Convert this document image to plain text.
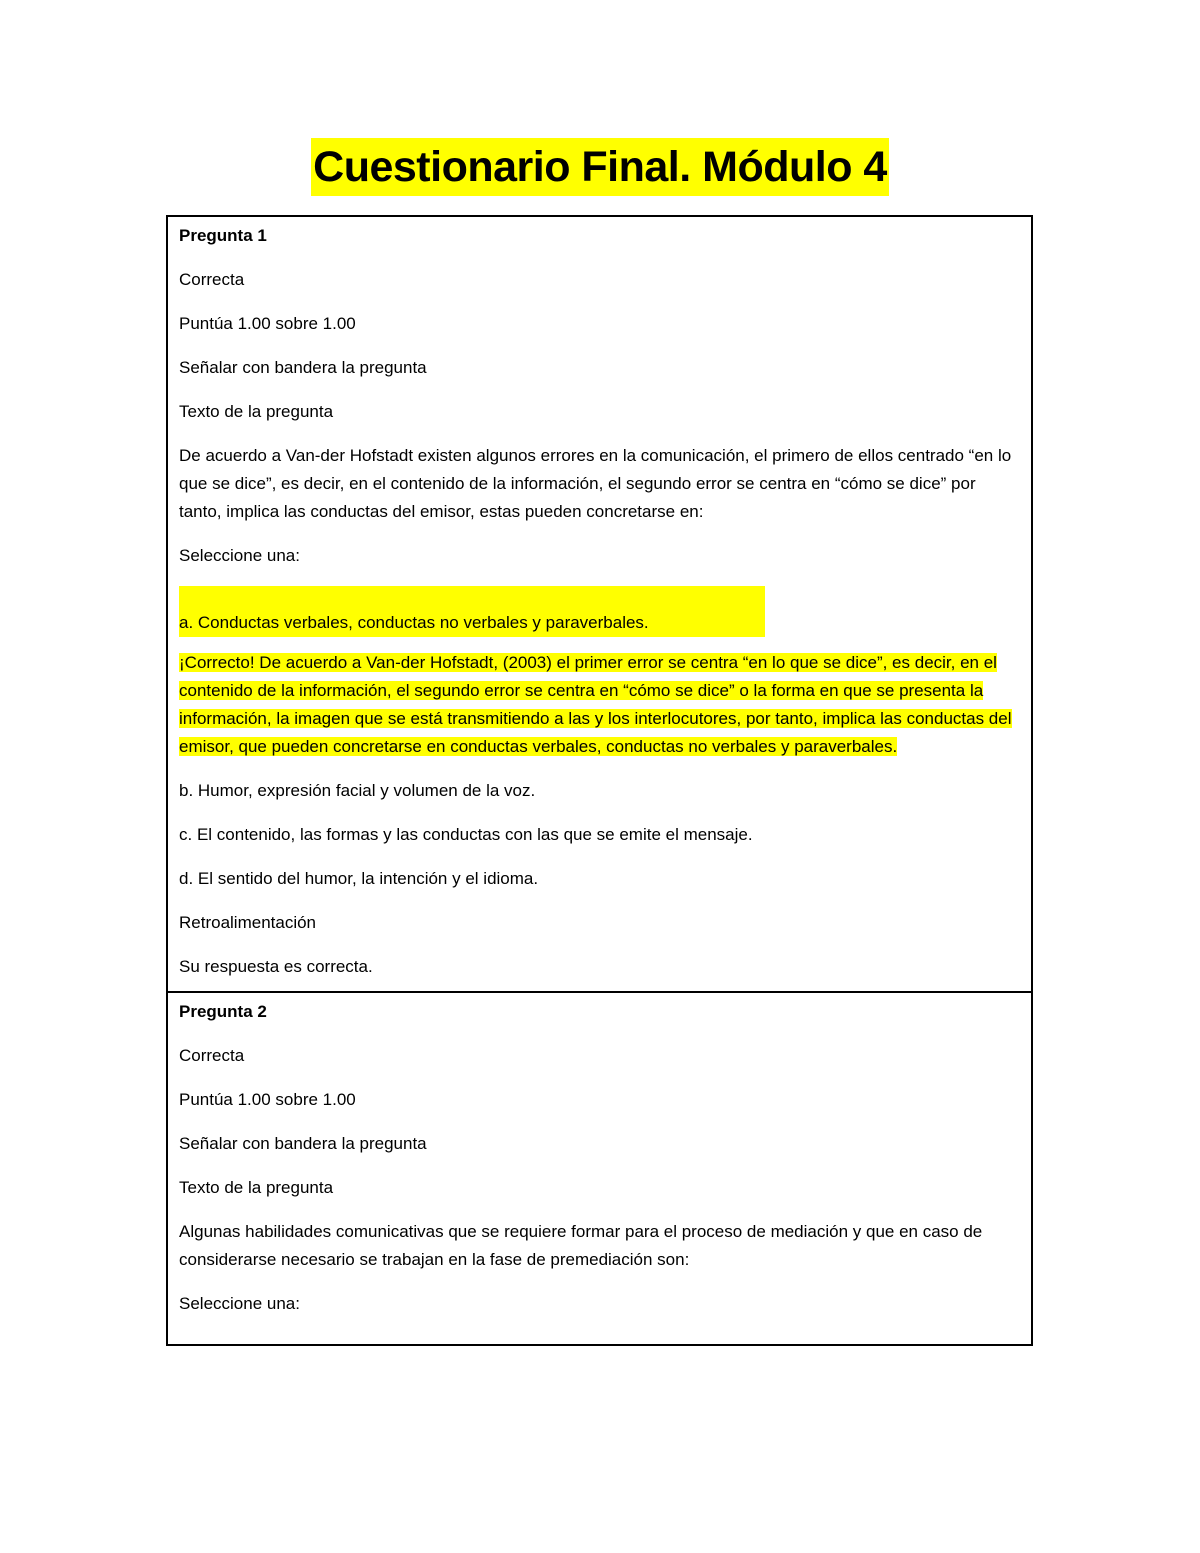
Cuestionario Final. Módulo 4

Pregunta 1

Correcta

Puntúa 1.00 sobre 1.00

Señalar con bandera la pregunta

Texto de la pregunta

De acuerdo a Van-der Hofstadt existen algunos errores en la comunicación, el primero de ellos centrado “en lo que se dice”, es decir, en el contenido de la información, el segundo error se centra en “cómo se dice” por tanto, implica las conductas del emisor, estas pueden concretarse en:

Seleccione una:

a. Conductas verbales, conductas no verbales y paraverbales.

¡Correcto! De acuerdo a Van-der Hofstadt, (2003) el primer error se centra “en lo que se dice”, es decir, en el contenido de la información, el segundo error se centra en “cómo se dice” o la forma en que se presenta la información, la imagen que se está transmitiendo a las y los interlocutores, por tanto, implica las conductas del emisor, que pueden concretarse en conductas verbales, conductas no verbales y paraverbales.

b. Humor, expresión facial y volumen de la voz.

c. El contenido, las formas y las conductas con las que se emite el mensaje.

d. El sentido del humor, la intención y el idioma.

Retroalimentación

Su respuesta es correcta.

Pregunta 2

Correcta

Puntúa 1.00 sobre 1.00

Señalar con bandera la pregunta

Texto de la pregunta

Algunas habilidades comunicativas que se requiere formar para el proceso de mediación y que en caso de considerarse necesario se trabajan en la fase de premediación son:

Seleccione una:
